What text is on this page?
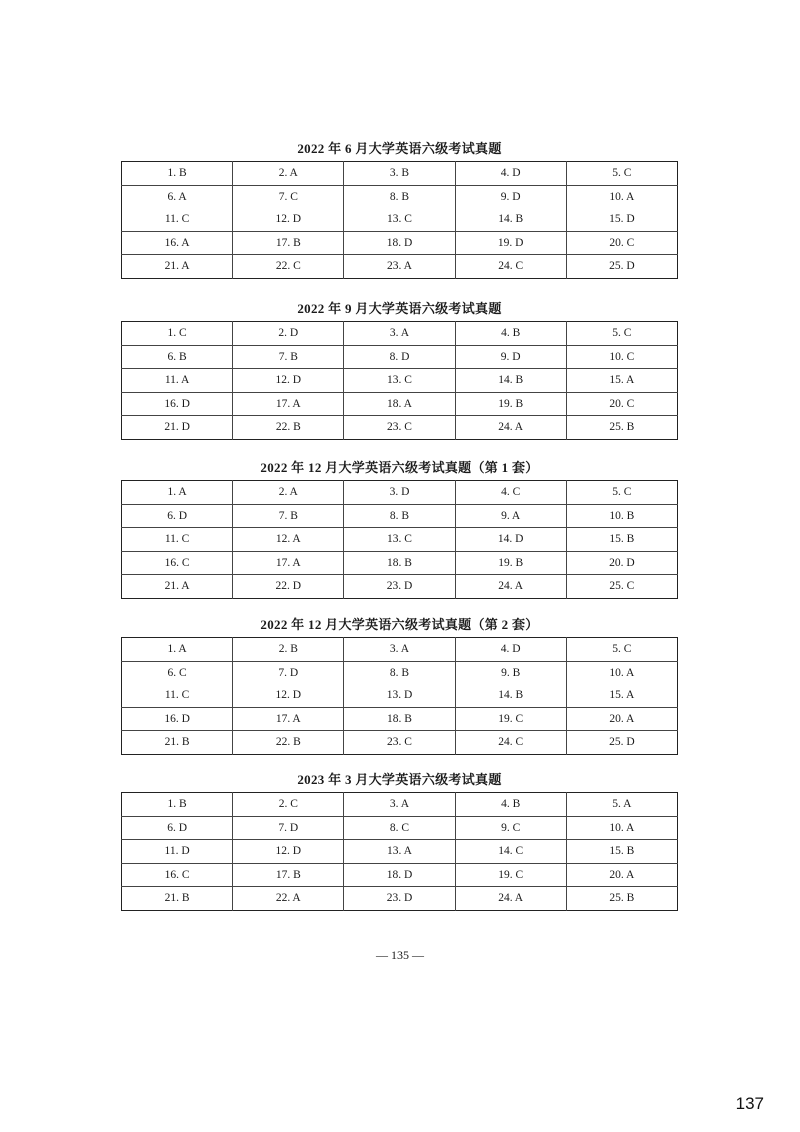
2022 年 6 月大学英语六级考试真题
1. B	2. A	3. B	4. D	5. C
6. A	7. C	8. B	9. D	10. A
11. C	12. D	13. C	14. B	15. D
16. A	17. B	18. D	19. D	20. C
21. A	22. C	23. A	24. C	25. D
2022 年 9 月大学英语六级考试真题
1. C	2. D	3. A	4. B	5. C
6. B	7. B	8. D	9. D	10. C
11. A	12. D	13. C	14. B	15. A
16. D	17. A	18. A	19. B	20. C
21. D	22. B	23. C	24. A	25. B
2022 年 12 月大学英语六级考试真题（第 1 套）
1. A	2. A	3. D	4. C	5. C
6. D	7. B	8. B	9. A	10. B
11. C	12. A	13. C	14. D	15. B
16. C	17. A	18. B	19. B	20. D
21. A	22. D	23. D	24. A	25. C
2022 年 12 月大学英语六级考试真题（第 2 套）
1. A	2. B	3. A	4. D	5. C
6. C	7. D	8. B	9. B	10. A
11. C	12. D	13. D	14. B	15. A
16. D	17. A	18. B	19. C	20. A
21. B	22. B	23. C	24. C	25. D
2023 年 3 月大学英语六级考试真题
1. B	2. C	3. A	4. B	5. A
6. D	7. D	8. C	9. C	10. A
11. D	12. D	13. A	14. C	15. B
16. C	17. B	18. D	19. C	20. A
21. B	22. A	23. D	24. A	25. B
— 135 —
137
